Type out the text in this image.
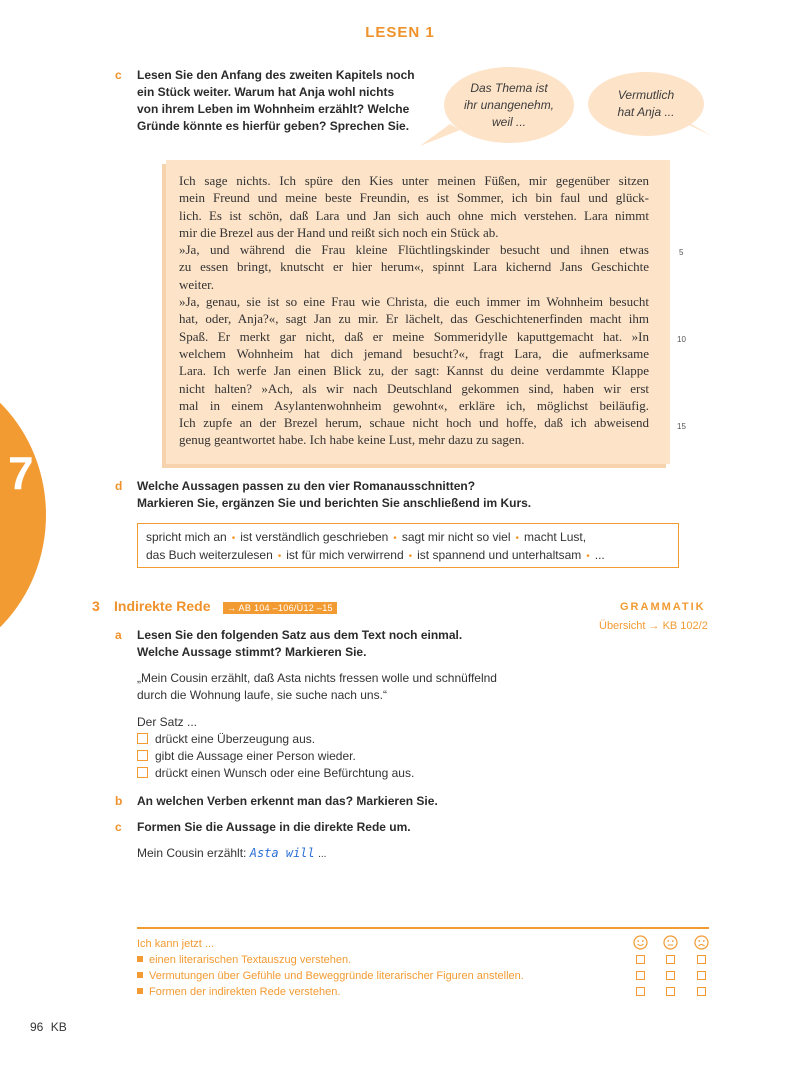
LESEN 1
7
c Lesen Sie den Anfang des zweiten Kapitels noch
ein Stück weiter. Warum hat Anja wohl nichts
von ihrem Leben im Wohnheim erzählt? Welche
Gründe könnte es hierfür geben? Sprechen Sie.
Das Thema ist
ihr unangenehm,
weil ...
Vermutlich
hat Anja ...

Ich sage nichts. Ich spüre den Kies unter meinen Füßen, mir gegenüber sitzen

mein Freund und meine beste Freundin, es ist Sommer, ich bin faul und glück-

lich. Es ist schön, daß Lara und Jan sich auch ohne mich verstehen. Lara nimmt

mir die Brezel aus der Hand und reißt sich noch ein Stück ab.

»Ja, und während die Frau kleine Flüchtlingskinder besucht und ihnen etwas

zu essen bringt, knutscht er hier herum«, spinnt Lara kichernd Jans Geschichte

weiter.

»Ja, genau, sie ist so eine Frau wie Christa, die euch immer im Wohnheim besucht

hat, oder, Anja?«, sagt Jan zu mir. Er lächelt, das Geschichtenerfinden macht ihm

Spaß. Er merkt gar nicht, daß er meine Sommeridylle kaputtgemacht hat. »In

welchem Wohnheim hat dich jemand besucht?«, fragt Lara, die aufmerksame

Lara. Ich werfe Jan einen Blick zu, der sagt: Kannst du deine verdammte Klappe

nicht halten? »Ach, als wir nach Deutschland gekommen sind, haben wir erst

mal in einem Asylantenwohnheim gewohnt«, erkläre ich, möglichst beiläufig.

Ich zupfe an der Brezel herum, schaue nicht hoch und hoffe, daß ich abweisend

genug geantwortet habe. Ich habe keine Lust, mehr dazu zu sagen.

5
10
15
d Welche Aussagen passen zu den vier Romanausschnitten?
Markieren Sie, ergänzen Sie und berichten Sie anschließend im Kurs.
spricht mich an • ist verständlich geschrieben • sagt mir nicht so viel • macht Lust,
das Buch weiterzulesen • ist für mich verwirrend • ist spannend und unterhaltsam • ...
3 Indirekte Rede → AB 104 –106/Ü12 –15	GRAMMATIK
Übersicht → KB 102/2
a Lesen Sie den folgenden Satz aus dem Text noch einmal.
Welche Aussage stimmt? Markieren Sie.
„Mein Cousin erzählt, daß Asta nichts fressen wolle und schnüffelnd
durch die Wohnung laufe, sie suche nach uns.“
Der Satz ...
drückt eine Überzeugung aus.
gibt die Aussage einer Person wieder.
drückt einen Wunsch oder eine Befürchtung aus.
b An welchen Verben erkennt man das? Markieren Sie.
c Formen Sie die Aussage in die direkte Rede um.
Mein Cousin erzählt: Asta will ...
Ich kann jetzt ...
einen literarischen Textauszug verstehen.
Vermutungen über Gefühle und Beweggründe literarischer Figuren anstellen.
Formen der indirekten Rede verstehen.
96 KB
